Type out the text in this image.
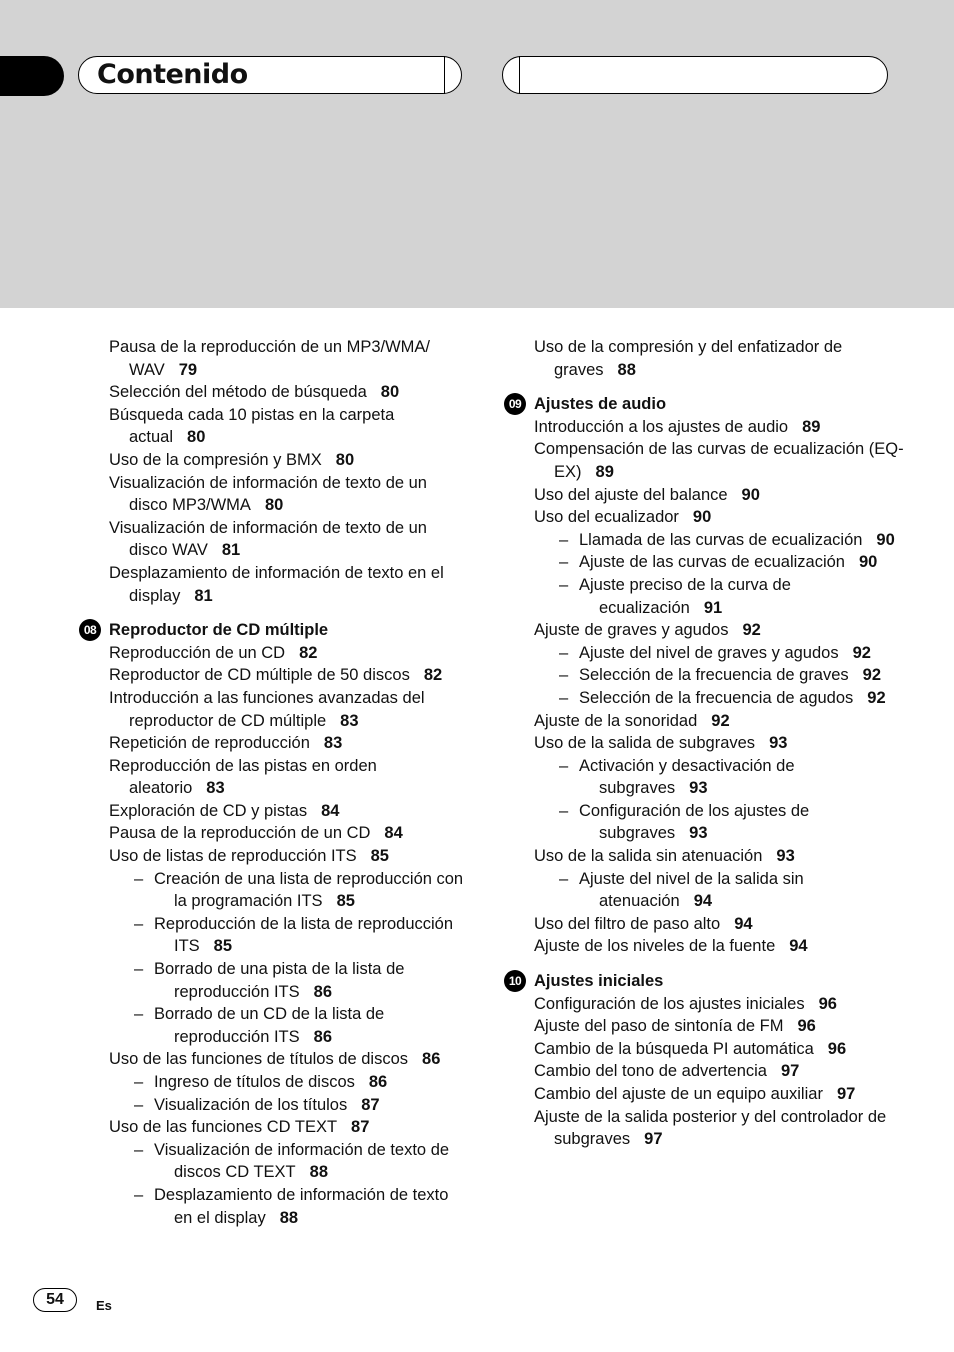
Contenido
Pausa de la reproducción de un MP3/WMA/ WAV 79
Selección del método de búsqueda 80
Búsqueda cada 10 pistas en la carpeta actual 80
Uso de la compresión y BMX 80
Visualización de información de texto de un disco MP3/WMA 80
Visualización de información de texto de un disco WAV 81
Desplazamiento de información de texto en el display 81
08 Reproductor de CD múltiple
Reproducción de un CD 82
Reproductor de CD múltiple de 50 discos 82
Introducción a las funciones avanzadas del reproductor de CD múltiple 83
Repetición de reproducción 83
Reproducción de las pistas en orden aleatorio 83
Exploración de CD y pistas 84
Pausa de la reproducción de un CD 84
Uso de listas de reproducción ITS 85
– Creación de una lista de reproducción con la programación ITS 85
– Reproducción de la lista de reproducción ITS 85
– Borrado de una pista de la lista de reproducción ITS 86
– Borrado de un CD de la lista de reproducción ITS 86
Uso de las funciones de títulos de discos 86
– Ingreso de títulos de discos 86
– Visualización de los títulos 87
Uso de las funciones CD TEXT 87
– Visualización de información de texto de discos CD TEXT 88
– Desplazamiento de información de texto en el display 88
Uso de la compresión y del enfatizador de graves 88
09 Ajustes de audio
Introducción a los ajustes de audio 89
Compensación de las curvas de ecualización (EQ-EX) 89
Uso del ajuste del balance 90
Uso del ecualizador 90
– Llamada de las curvas de ecualización 90
– Ajuste de las curvas de ecualización 90
– Ajuste preciso de la curva de ecualización 91
Ajuste de graves y agudos 92
– Ajuste del nivel de graves y agudos 92
– Selección de la frecuencia de graves 92
– Selección de la frecuencia de agudos 92
Ajuste de la sonoridad 92
Uso de la salida de subgraves 93
– Activación y desactivación de subgraves 93
– Configuración de los ajustes de subgraves 93
Uso de la salida sin atenuación 93
– Ajuste del nivel de la salida sin atenuación 94
Uso del filtro de paso alto 94
Ajuste de los niveles de la fuente 94
10 Ajustes iniciales
Configuración de los ajustes iniciales 96
Ajuste del paso de sintonía de FM 96
Cambio de la búsqueda PI automática 96
Cambio del tono de advertencia 97
Cambio del ajuste de un equipo auxiliar 97
Ajuste de la salida posterior y del controlador de subgraves 97
54	Es
